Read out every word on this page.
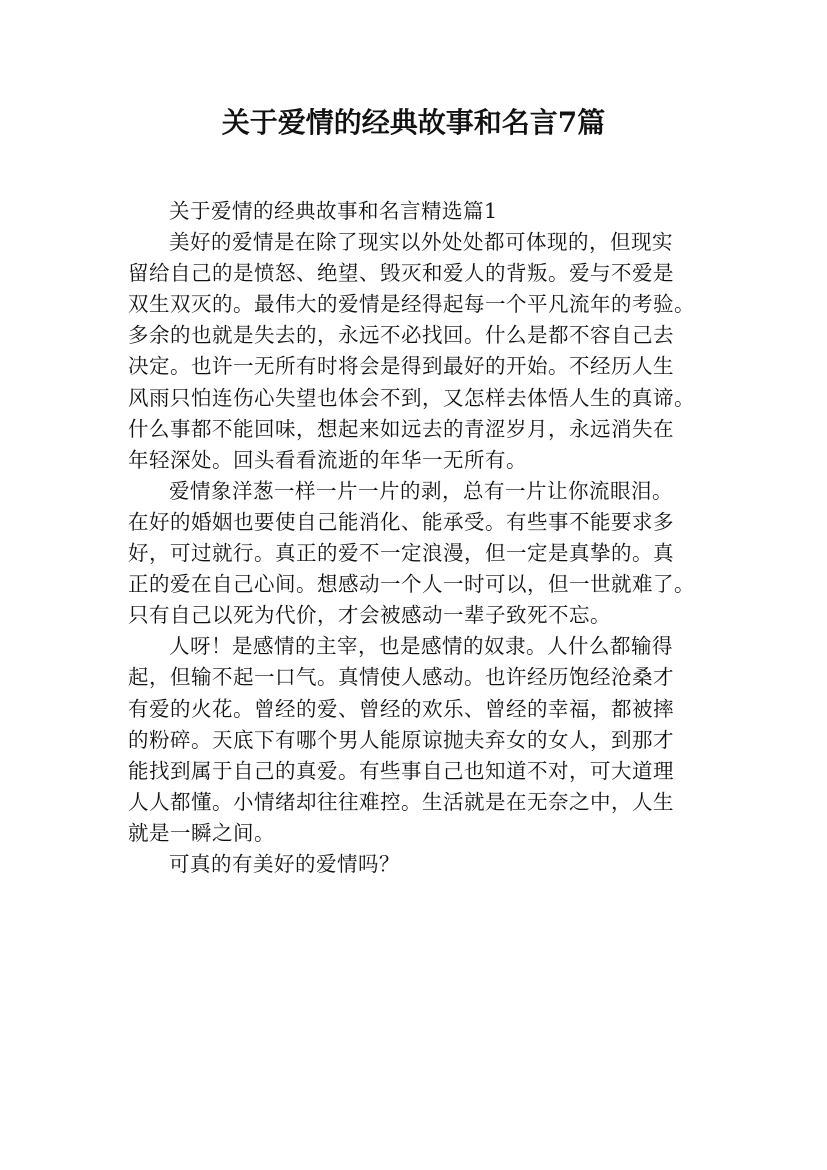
关于爱情的经典故事和名言7篇

关于爱情的经典故事和名言精选篇1

美好的爱情是在除了现实以外处处都可体现的，但现实
留给自己的是愤怒、绝望、毁灭和爱人的背叛。爱与不爱是
双生双灭的。最伟大的爱情是经得起每一个平凡流年的考验。
多余的也就是失去的，永远不必找回。什么是都不容自己去
决定。也许一无所有时将会是得到最好的开始。不经历人生
风雨只怕连伤心失望也体会不到，又怎样去体悟人生的真谛。
什么事都不能回味，想起来如远去的青涩岁月，永远消失在
年轻深处。回头看看流逝的年华一无所有。

爱情象洋葱一样一片一片的剥，总有一片让你流眼泪。
在好的婚姻也要使自己能消化、能承受。有些事不能要求多
好，可过就行。真正的爱不一定浪漫，但一定是真挚的。真
正的爱在自己心间。想感动一个人一时可以，但一世就难了。
只有自己以死为代价，才会被感动一辈子致死不忘。

人呀！是感情的主宰，也是感情的奴隶。人什么都输得
起，但输不起一口气。真情使人感动。也许经历饱经沧桑才
有爱的火花。曾经的爱、曾经的欢乐、曾经的幸福，都被摔
的粉碎。天底下有哪个男人能原谅抛夫弃女的女人，到那才
能找到属于自己的真爱。有些事自己也知道不对，可大道理
人人都懂。小情绪却往往难控。生活就是在无奈之中，人生
就是一瞬之间。

可真的有美好的爱情吗？
